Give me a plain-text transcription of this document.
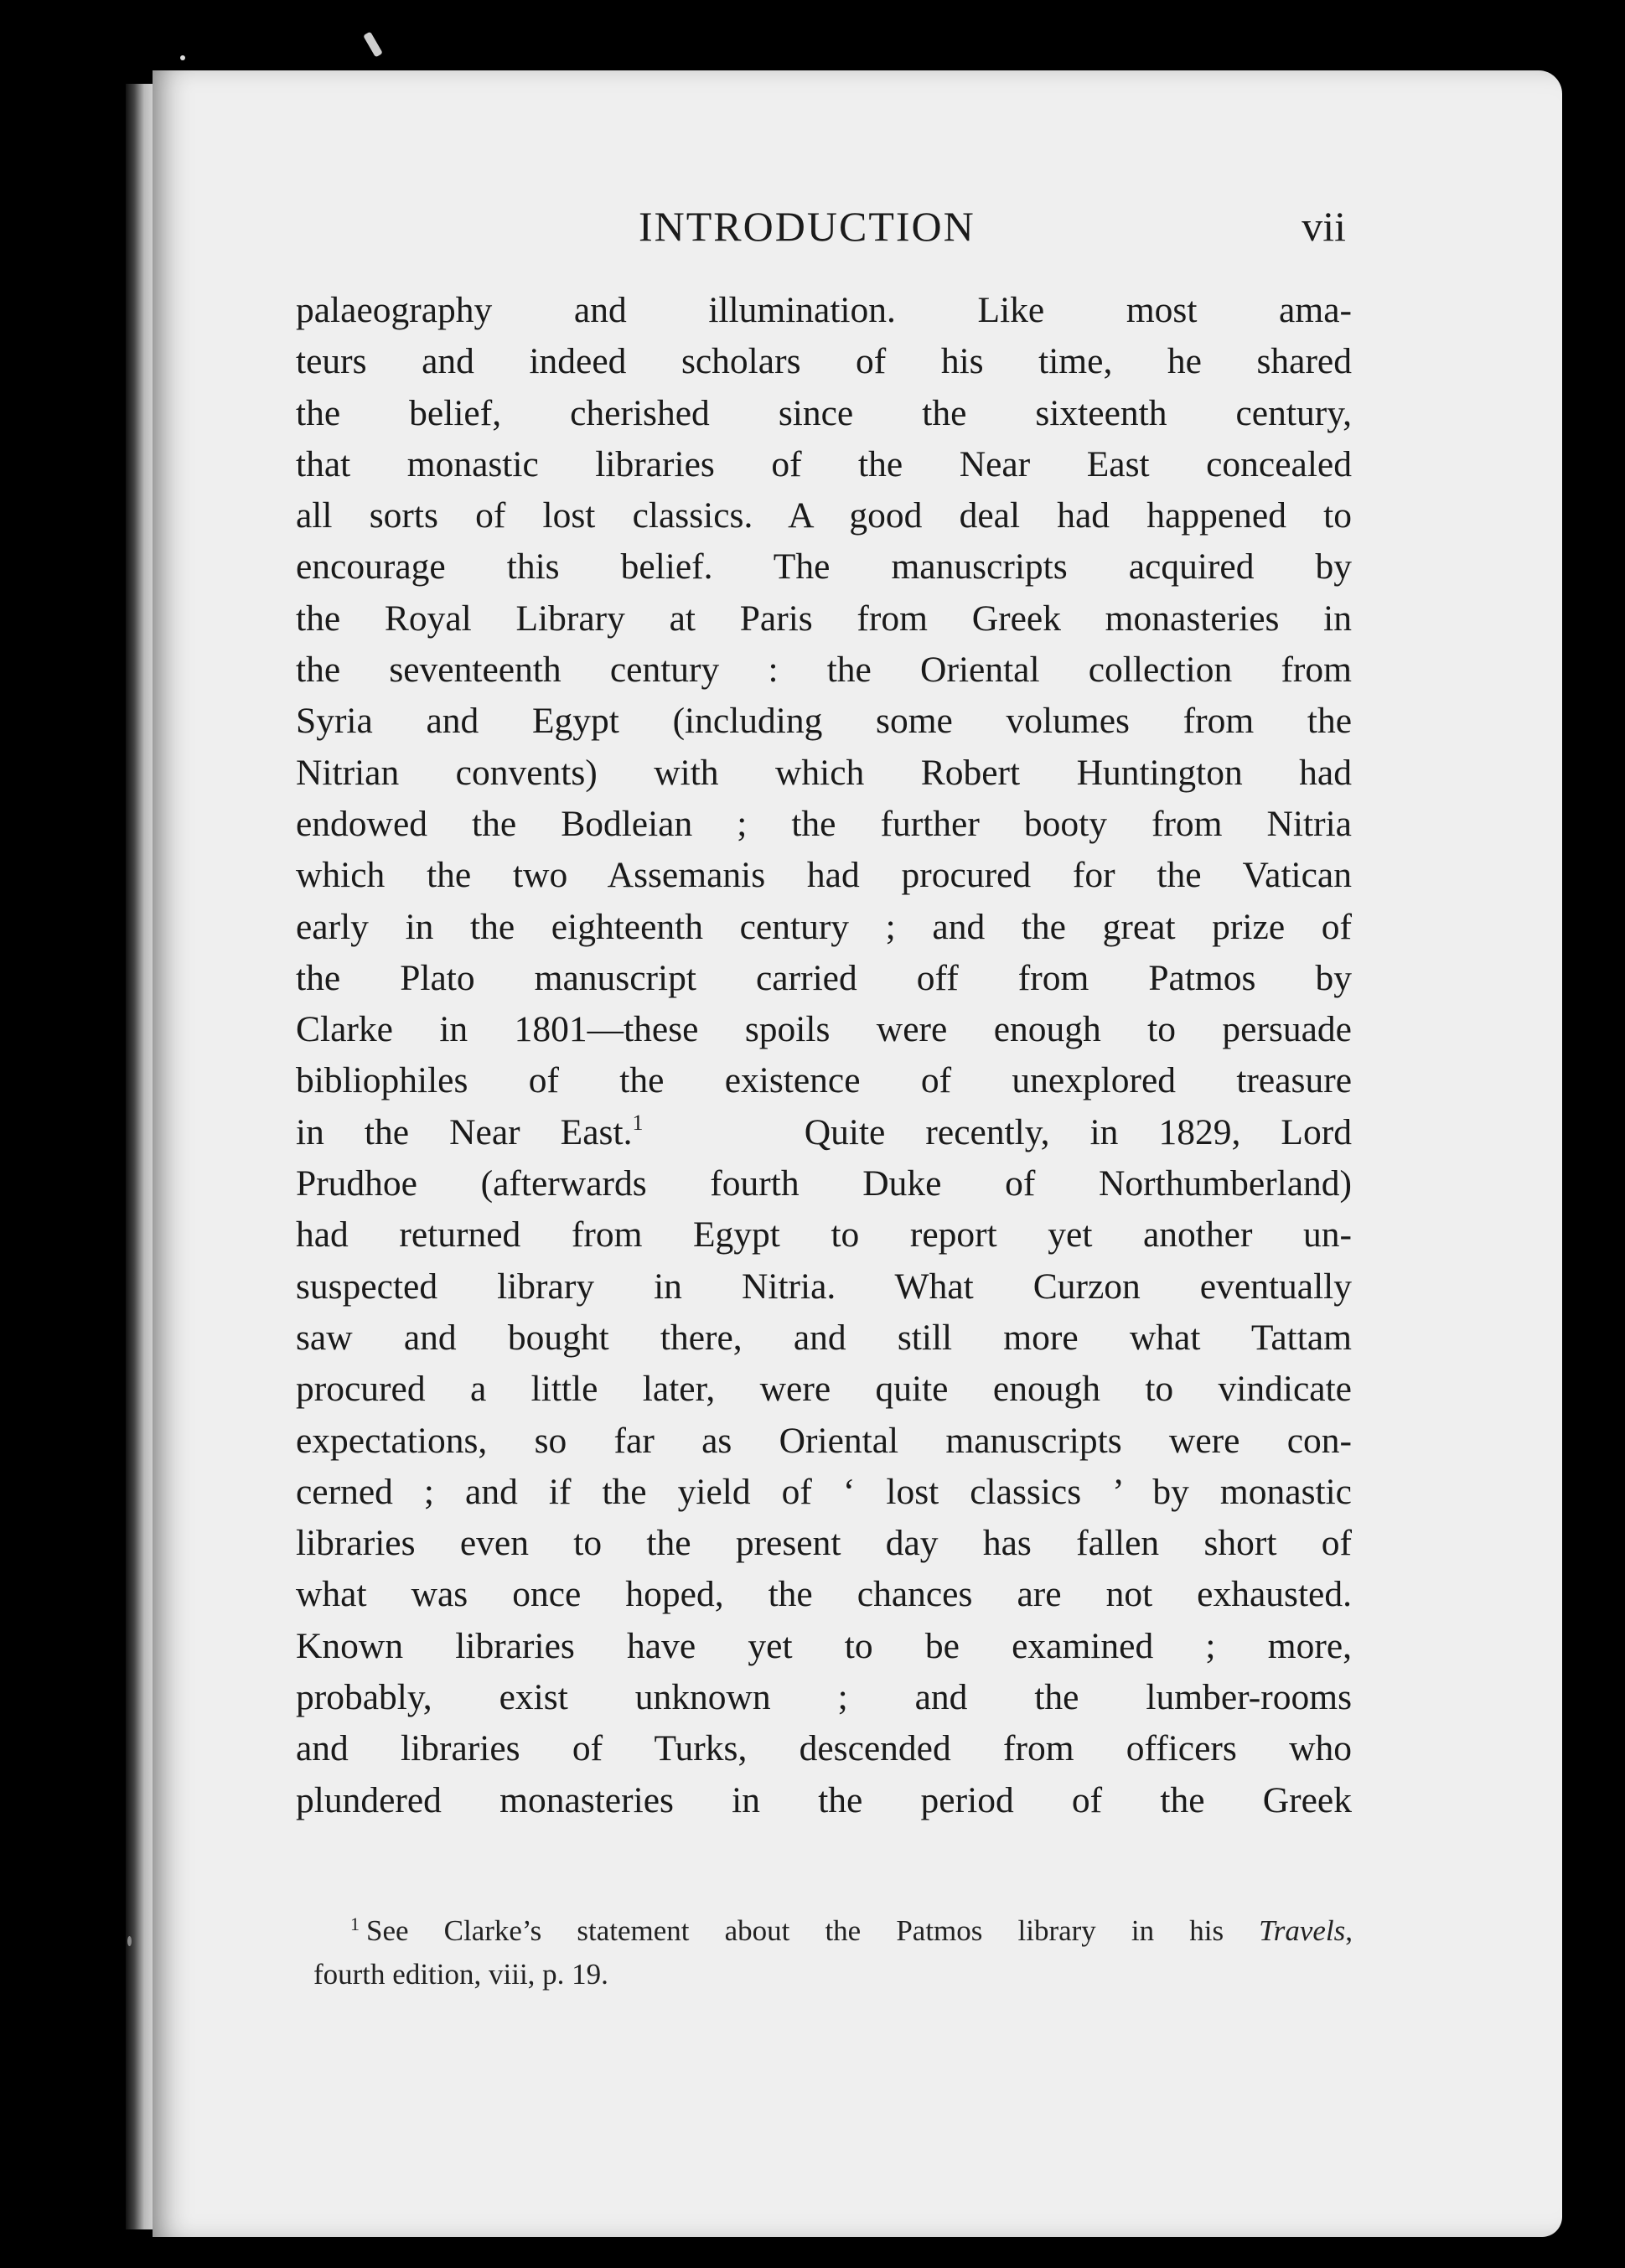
INTRODUCTION	vii
palaeography and illumination. Like most ama-
teurs and indeed scholars of his time, he shared
the belief, cherished since the sixteenth century,
that monastic libraries of the Near East concealed
all sorts of lost classics. A good deal had happened to
encourage this belief. The manuscripts acquired by
the Royal Library at Paris from Greek monasteries in
the seventeenth century : the Oriental collection from
Syria and Egypt (including some volumes from the
Nitrian convents) with which Robert Huntington had
endowed the Bodleian ; the further booty from Nitria
which the two Assemanis had procured for the Vatican
early in the eighteenth century ; and the great prize of
the Plato manuscript carried off from Patmos by
Clarke in 1801—these spoils were enough to persuade
bibliophiles of the existence of unexplored treasure
in the Near East.$^1$	Quite recently, in 1829, Lord
Prudhoe (afterwards fourth Duke of Northumberland)
had returned from Egypt to report yet another un-
suspected library in Nitria. What Curzon eventually
saw and bought there, and still more what Tattam
procured a little later, were quite enough to vindicate
expectations, so far as Oriental manuscripts were con-
cerned ; and if the yield of ‘ lost classics ’ by monastic
libraries even to the present day has fallen short of
what was once hoped, the chances are not exhausted.
Known libraries have yet to be examined ; more,
probably, exist unknown ; and the lumber-rooms
and libraries of Turks, descended from officers who
plundered monasteries in the period of the Greek
$^1$ See Clarke’s statement about the Patmos library in his Travels,
fourth edition, viii, p. 19.
